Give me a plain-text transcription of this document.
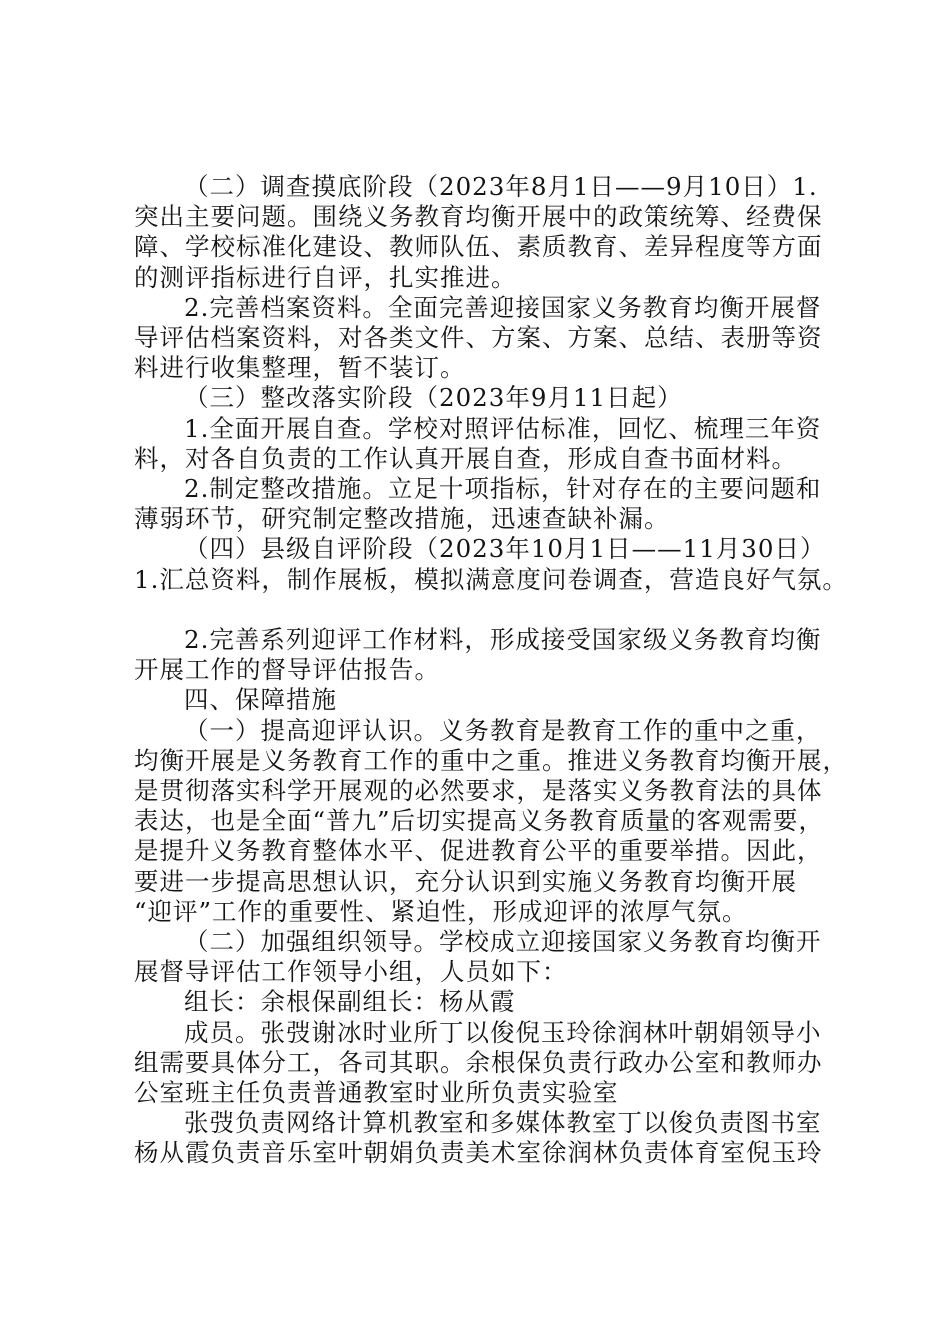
（二）调查摸底阶段（2023年8月1日——9月10日）1.

突出主要问题。围绕义务教育均衡开展中的政策统筹、经费保

障、学校标准化建设、教师队伍、素质教育、差异程度等方面

的测评指标进行自评，扎实推进。

2.完善档案资料。全面完善迎接国家义务教育均衡开展督

导评估档案资料，对各类文件、方案、方案、总结、表册等资

料进行收集整理，暂不装订。

（三）整改落实阶段（2023年9月11日起）

1.全面开展自查。学校对照评估标准，回忆、梳理三年资

料，对各自负责的工作认真开展自查，形成自查书面材料。

2.制定整改措施。立足十项指标，针对存在的主要问题和

薄弱环节，研究制定整改措施，迅速查缺补漏。

（四）县级自评阶段（2023年10月1日——11月30日）

1.汇总资料，制作展板，模拟满意度问卷调查，营造良好气氛。

2.完善系列迎评工作材料，形成接受国家级义务教育均衡

开展工作的督导评估报告。

四、保障措施

（一）提高迎评认识。义务教育是教育工作的重中之重，

均衡开展是义务教育工作的重中之重。推进义务教育均衡开展，

是贯彻落实科学开展观的必然要求，是落实义务教育法的具体

表达，也是全面“普九”后切实提高义务教育质量的客观需要，

是提升义务教育整体水平、促进教育公平的重要举措。因此，

要进一步提高思想认识，充分认识到实施义务教育均衡开展

“迎评”工作的重要性、紧迫性，形成迎评的浓厚气氛。

（二）加强组织领导。学校成立迎接国家义务教育均衡开

展督导评估工作领导小组，人员如下：

组长：余根保副组长：杨从霞

成员。张弢谢冰时业所丁以俊倪玉玲徐润林叶朝娟领导小

组需要具体分工，各司其职。余根保负责行政办公室和教师办

公室班主任负责普通教室时业所负责实验室

张弢负责网络计算机教室和多媒体教室丁以俊负责图书室

杨从霞负责音乐室叶朝娟负责美术室徐润林负责体育室倪玉玲
